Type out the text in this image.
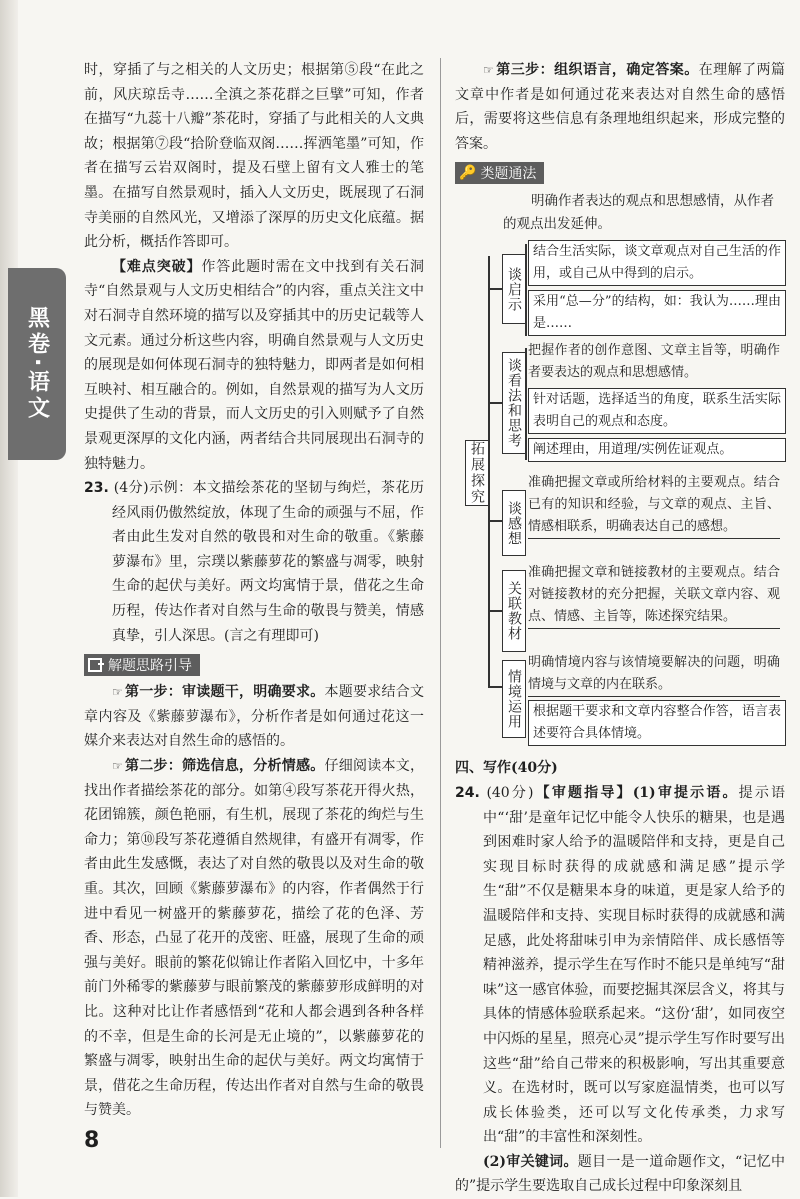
黑卷·语文

时，穿插了与之相关的人文历史；根据第⑤段“在此之前，风庆琼岳寺……全滇之茶花群之巨擘”可知，作者在描写“九蕊十八瓣”茶花时，穿插了与此相关的人文典故；根据第⑦段“拾阶登临双阁……挥洒笔墨”可知，作者在描写云岩双阁时，提及石壁上留有文人雅士的笔墨。在描写自然景观时，插入人文历史，既展现了石洞寺美丽的自然风光，又增添了深厚的历史文化底蕴。据此分析，概括作答即可。

【难点突破】作答此题时需在文中找到有关石洞寺“自然景观与人文历史相结合”的内容，重点关注文中对石洞寺自然环境的描写以及穿插其中的历史记载等人文元素。通过分析这些内容，明确自然景观与人文历史的展现是如何体现石洞寺的独特魅力，即两者是如何相互映衬、相互融合的。例如，自然景观的描写为人文历史提供了生动的背景，而人文历史的引入则赋予了自然景观更深厚的文化内涵，两者结合共同展现出石洞寺的独特魅力。

23. (4分)示例：本文描绘茶花的坚韧与绚烂，茶花历经风雨仍傲然绽放，体现了生命的顽强与不屈，作者由此生发对自然的敬畏和对生命的敬重。《紫藤萝瀑布》里，宗璞以紫藤萝花的繁盛与凋零，映射生命的起伏与美好。两文均寓情于景，借花之生命历程，传达作者对自然与生命的敬畏与赞美，情感真挚，引人深思。(言之有理即可)

解题思路引导

☞ 第一步：审读题干，明确要求。本题要求结合文章内容及《紫藤萝瀑布》，分析作者是如何通过花这一媒介来表达对自然生命的感悟的。

☞ 第二步：筛选信息，分析情感。仔细阅读本文，找出作者描绘茶花的部分。如第④段写茶花开得火热，花团锦簇，颜色艳丽，有生机，展现了茶花的绚烂与生命力；第⑩段写茶花遵循自然规律，有盛开有凋零，作者由此生发感慨，表达了对自然的敬畏以及对生命的敬重。其次，回顾《紫藤萝瀑布》的内容，作者偶然于行进中看见一树盛开的紫藤萝花，描绘了花的色泽、芳香、形态，凸显了花开的茂密、旺盛，展现了生命的顽强与美好。眼前的繁花似锦让作者陷入回忆中，十多年前门外稀零的紫藤萝与眼前繁茂的紫藤萝形成鲜明的对比。这种对比让作者感悟到“花和人都会遇到各种各样的不幸，但是生命的长河是无止境的”，以紫藤萝花的繁盛与凋零，映射出生命的起伏与美好。两文均寓情于景，借花之生命历程，传达出作者对自然与生命的敬畏与赞美。

☞ 第三步：组织语言，确定答案。在理解了两篇文章中作者是如何通过花来表达对自然生命的感悟后，需要将这些信息有条理地组织起来，形成完整的答案。

🔑 类题通法
明确作者表达的观点和思想感情，从作者的观点出发延伸。
拓展探究
谈启示
结合生活实际，谈文章观点对自己生活的作用，或自己从中得到的启示。
采用“总—分”的结构，如：我认为……理由是……
谈看法和思考
把握作者的创作意图、文章主旨等，明确作者要表达的观点和思想感情。
针对话题，选择适当的角度，联系生活实际表明自己的观点和态度。
阐述理由，用道理/实例佐证观点。
谈感想
准确把握文章或所给材料的主要观点。结合已有的知识和经验，与文章的观点、主旨、情感相联系，明确表达自己的感想。
关联教材
准确把握文章和链接教材的主要观点。结合对链接教材的充分把握，关联文章内容、观点、情感、主旨等，陈述探究结果。
情境运用
明确情境内容与该情境要解决的问题，明确情境与文章的内在联系。
根据题干要求和文章内容整合作答，语言表述要符合具体情境。

四、写作(40分)

24. (40分)【审题指导】(1)审提示语。提示语中“‘甜’是童年记忆中能令人快乐的糖果，也是遇到困难时家人给予的温暖陪伴和支持，更是自己实现目标时获得的成就感和满足感”提示学生“甜”不仅是糖果本身的味道，更是家人给予的温暖陪伴和支持、实现目标时获得的成就感和满足感，此处将甜味引申为亲情陪伴、成长感悟等精神滋养，提示学生在写作时不能只是单纯写“甜味”这一感官体验，而要挖掘其深层含义，将其与具体的情感体验联系起来。“这份‘甜’，如同夜空中闪烁的星星，照亮心灵”提示学生写作时要写出这些“甜”给自己带来的积极影响，写出其重要意义。在选材时，既可以写家庭温情类，也可以写成长体验类，还可以写文化传承类，力求写出“甜”的丰富性和深刻性。

(2)审关键词。题目一是一道命题作文，“记忆中的”提示学生要选取自己成长过程中印象深刻且

8
